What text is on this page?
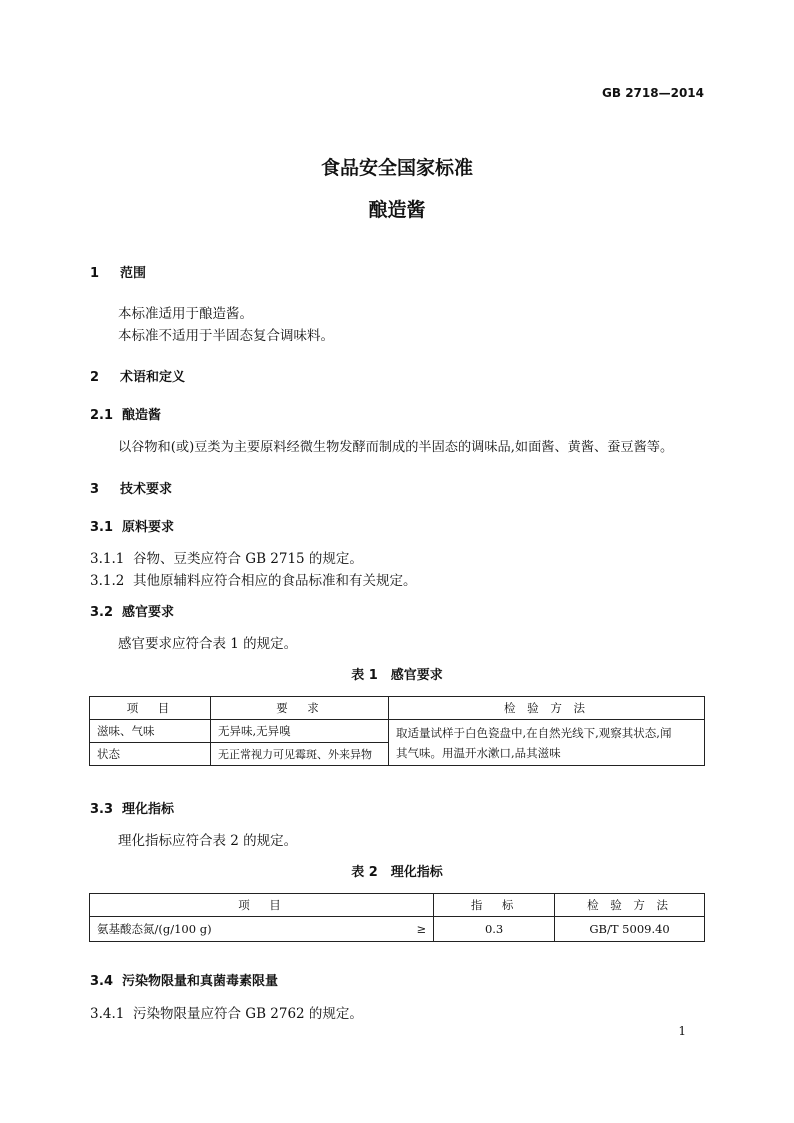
GB 2718—2014
食品安全国家标准
酿造酱
1 范围
本标准适用于酿造酱。
本标准不适用于半固态复合调味料。
2 术语和定义
2.1 酿造酱
以谷物和(或)豆类为主要原料经微生物发酵而制成的半固态的调味品,如面酱、黄酱、蚕豆酱等。
3 技术要求
3.1 原料要求
3.1.1 谷物、豆类应符合 GB 2715 的规定。
3.1.2 其他原辅料应符合相应的食品标准和有关规定。
3.2 感官要求
感官要求应符合表 1 的规定。
表 1　感官要求
项　目	要　求	检 验 方 法
滋味、气味	无异味,无异嗅	取适量试样于白色瓷盘中,在自然光线下,观察其状态,闻
其气味。用温开水漱口,品其滋味
状态	无正常视力可见霉斑、外来异物	
3.3 理化指标
理化指标应符合表 2 的规定。
表 2　理化指标
项　目		指　标	检 验 方 法
氨基酸态氮/(g/100 g)	≥	0.3	GB/T 5009.40
3.4 污染物限量和真菌毒素限量
3.4.1 污染物限量应符合 GB 2762 的规定。
1
